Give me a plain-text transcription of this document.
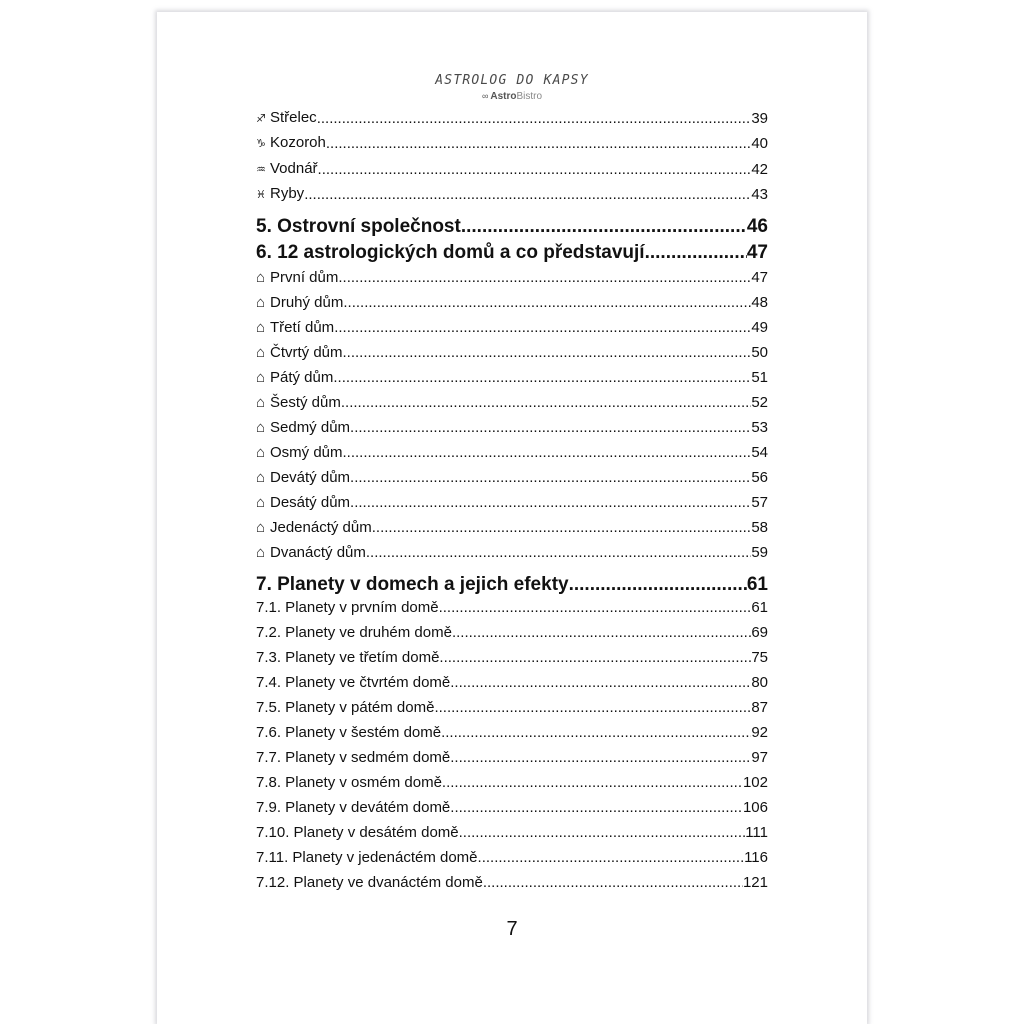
ASTROLOG DO KAPSY
∞ AstroBistro
♐ Střelec .....	39
♑ Kozoroh .....	40
♒ Vodnář .....	42
♓ Ryby .....	43
5. Ostrovní společnost .....	46
6. 12 astrologických domů a co představují .....	47
⌂ První dům .....	47
⌂ Druhý dům .....	48
⌂ Třetí dům .....	49
⌂ Čtvrtý dům .....	50
⌂ Pátý dům .....	51
⌂ Šestý dům .....	52
⌂ Sedmý dům .....	53
⌂ Osmý dům .....	54
⌂ Devátý dům .....	56
⌂ Desátý dům .....	57
⌂ Jedenáctý dům .....	58
⌂ Dvanáctý dům .....	59
7. Planety v domech a jejich efekty .....	61
7.1. Planety v prvním domě .....	61
7.2. Planety ve druhém domě .....	69
7.3. Planety ve třetím domě .....	75
7.4. Planety ve čtvrtém domě .....	80
7.5. Planety v pátém domě .....	87
7.6. Planety v šestém domě .....	92
7.7. Planety v sedmém domě .....	97
7.8. Planety v osmém domě .....	102
7.9. Planety v devátém domě .....	106
7.10. Planety v desátém domě .....	111
7.11. Planety v jedenáctém domě .....	116
7.12. Planety ve dvanáctém domě .....	121
7
